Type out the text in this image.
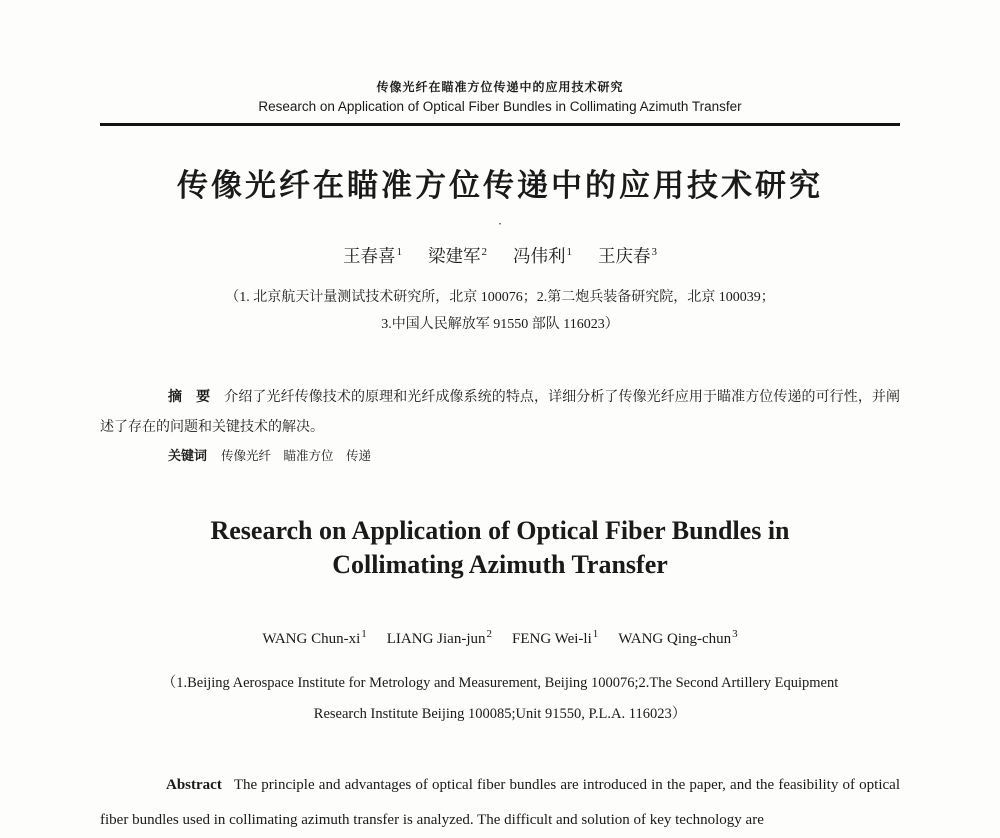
传像光纤在瞄准方位传递中的应用技术研究
Research on Application of Optical Fiber Bundles in Collimating Azimuth Transfer
传像光纤在瞄准方位传递中的应用技术研究
·
王春喜$^1$ 梁建军$^2$ 冯伟利$^1$ 王庆春$^3$
（1. 北京航天计量测试技术研究所，北京 100076；2.第二炮兵装备研究院，北京 100039；
3.中国人民解放军 91550 部队 116023）

摘　要 介绍了光纤传像技术的原理和光纤成像系统的特点，详细分析了传像光纤应用于瞄准方位传递的可行性，并阐述了存在的问题和关键技术的解决。

关键词 传像光纤　瞄准方位　传递

Research on Application of Optical Fiber Bundles in
Collimating Azimuth Transfer
WANG Chun-$xi^1$ LIANG Jian-jun$^2$ FENG Wei-$li^1$ WANG Qing-chun$^3$
（1.Beijing Aerospace Institute for Metrology and Measurement, Beijing 100076;2.The Second Artillery Equipment
Research Institute Beijing 100085;Unit 91550, P.L.A. 116023）

Abstract The principle and advantages of optical fiber bundles are introduced in the paper, and the feasibility of optical fiber bundles used in collimating azimuth transfer is analyzed. The difficult and solution of key technology are
